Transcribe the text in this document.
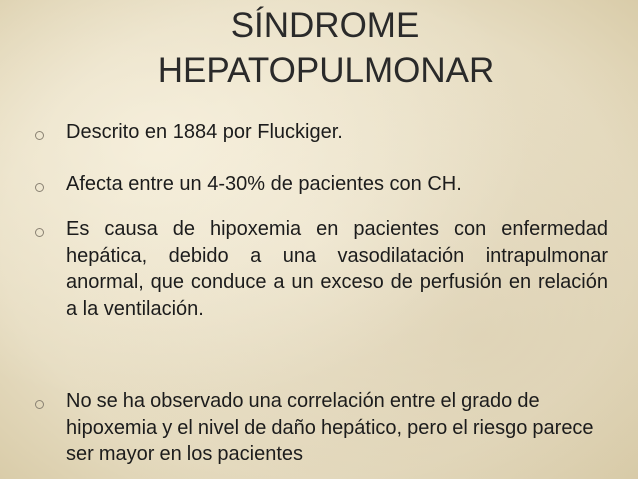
SÍNDROME
HEPATOPULMONAR
Descrito en 1884 por Fluckiger.
Afecta entre un 4-30% de pacientes con CH.
Es causa de hipoxemia en pacientes con enfermedad hepática, debido a una vasodilatación intrapulmonar anormal, que conduce a un exceso de perfusión en relación a la ventilación.
No se ha observado una correlación entre el grado de hipoxemia y el nivel de daño hepático, pero el riesgo parece ser mayor en los pacientes
